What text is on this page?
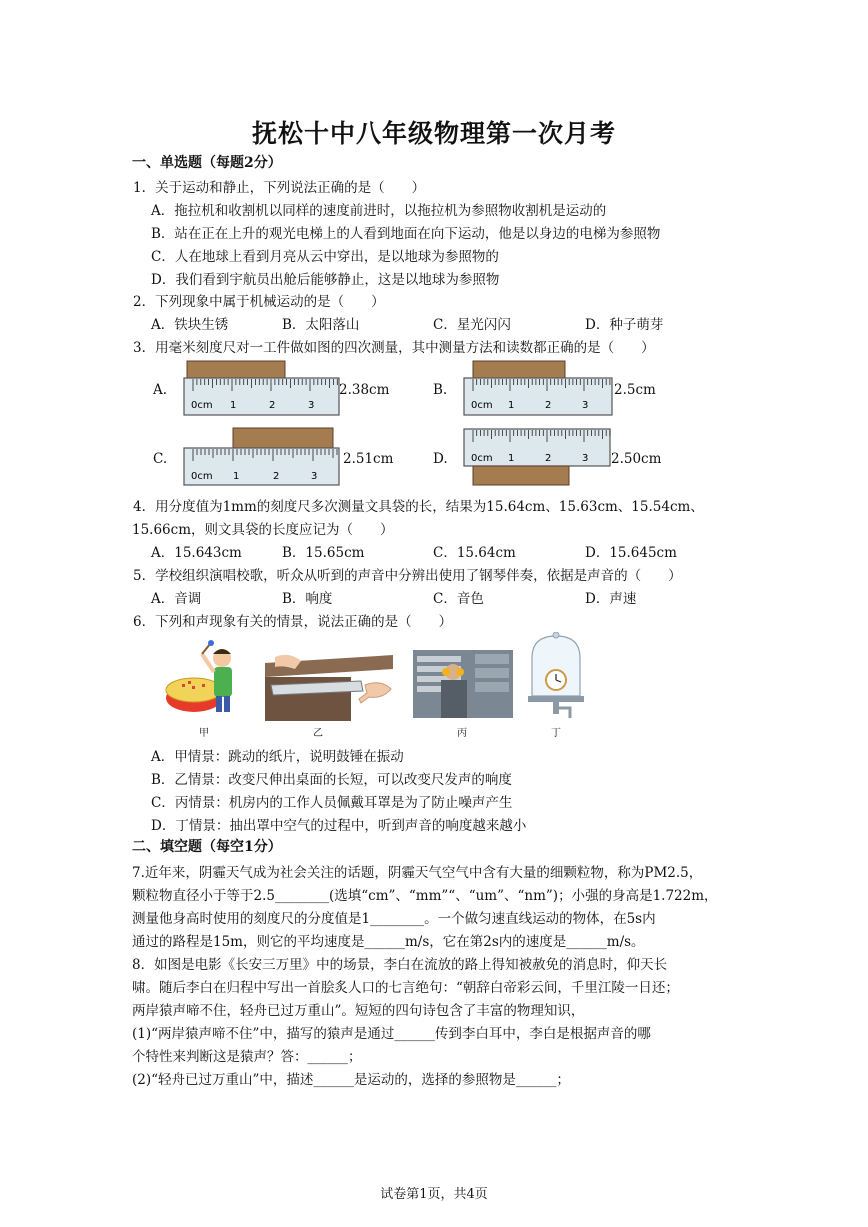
抚松十中八年级物理第一次月考
一、单选题（每题2分）
1．关于运动和静止，下列说法正确的是（　　）
A．拖拉机和收割机以同样的速度前进时，以拖拉机为参照物收割机是运动的
B．站在正在上升的观光电梯上的人看到地面在向下运动，他是以身边的电梯为参照物
C．人在地球上看到月亮从云中穿出，是以地球为参照物的
D．我们看到宇航员出舱后能够静止，这是以地球为参照物
2．下列现象中属于机械运动的是（　　）
A．铁块生锈	B．太阳落山	C．星光闪闪	D．种子萌芽
3．用毫米刻度尺对一工件做如图的四次测量，其中测量方法和读数都正确的是（　　）
A.	B.
C.	D.
0cm 1	2	3
2.38cm
0cm 1	2	3
2.5cm
0cm 1	2	3
2.51cm	0cm 1	2	3 2.50cm
4．用分度值为1mm的刻度尺多次测量文具袋的长，结果为15.64cm、15.63cm、15.54cm、
15.66cm，则文具袋的长度应记为（　　）
A．15.643cm	B．15.65cm	C．15.64cm	D．15.645cm
5．学校组织演唱校歌，听众从听到的声音中分辨出使用了钢琴伴奏，依据是声音的（　　）
A．音调	B．响度	C．音色	D．声速
6．下列和声现象有关的情景，说法正确的是（　　）
甲	乙	丙	丁
A．甲情景：跳动的纸片，说明鼓锤在振动
B．乙情景：改变尺伸出桌面的长短，可以改变尺发声的响度
C．丙情景：机房内的工作人员佩戴耳罩是为了防止噪声产生
D．丁情景：抽出罩中空气的过程中，听到声音的响度越来越小
二、填空题（每空1分）
7.近年来，阴霾天气成为社会关注的话题，阴霾天气空气中含有大量的细颗粒物，称为PM2.5，
颗粒物直径小于等于2.5________(选填“cm”、“mm”“、“um”、“nm”)；小强的身高是1.722m，
测量他身高时使用的刻度尺的分度值是1________。一个做匀速直线运动的物体，在5s内
通过的路程是15m，则它的平均速度是______m/s，它在第2s内的速度是______m/s。
8．如图是电影《长安三万里》中的场景，李白在流放的路上得知被赦免的消息时，仰天长
啸。随后李白在归程中写出一首脍炙人口的七言绝句：“朝辞白帝彩云间，千里江陵一日还；
两岸猿声啼不住，轻舟已过万重山”。短短的四句诗包含了丰富的物理知识，
(1)“两岸猿声啼不住”中，描写的猿声是通过______传到李白耳中，李白是根据声音的哪
个特性来判断这是猿声？答：______；
(2)“轻舟已过万重山”中，描述______是运动的，选择的参照物是______；
试卷第1页，共4页
